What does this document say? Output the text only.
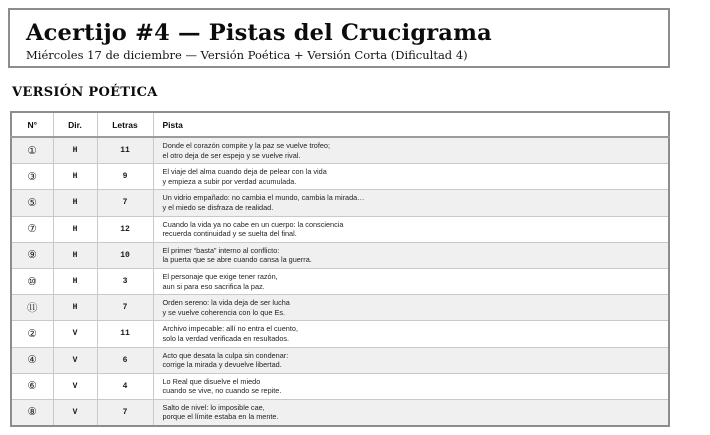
Acertijo #4 — Pistas del Crucigrama
Miércoles 17 de diciembre — Versión Poética + Versión Corta (Dificultad 4)
VERSIÓN POÉTICA
N°	Dir.	Letras	Pista
①	H	11	Donde el corazón compite y la paz se vuelve trofeo;
el otro deja de ser espejo y se vuelve rival.

③	H	9	El viaje del alma cuando deja de pelear con la vida
y empieza a subir por verdad acumulada.

⑤	H	7	Un vidrio empañado: no cambia el mundo, cambia la mirada…
y el miedo se disfraza de realidad.

⑦	H	12	Cuando la vida ya no cabe en un cuerpo: la consciencia
recuerda continuidad y se suelta del final.

⑨	H	10	El primer “basta” interno al conflicto:
la puerta que se abre cuando cansa la guerra.

⑩	H	3	El personaje que exige tener razón,
aun si para eso sacrifica la paz.

⑪	H	7	Orden sereno: la vida deja de ser lucha
y se vuelve coherencia con lo que Es.

②	V	11	Archivo impecable: allí no entra el cuento,
solo la verdad verificada en resultados.

④	V	6	Acto que desata la culpa sin condenar:
corrige la mirada y devuelve libertad.

⑥	V	4	Lo Real que disuelve el miedo
cuando se vive, no cuando se repite.

⑧	V	7	Salto de nivel: lo imposible cae,
porque el límite estaba en la mente.
